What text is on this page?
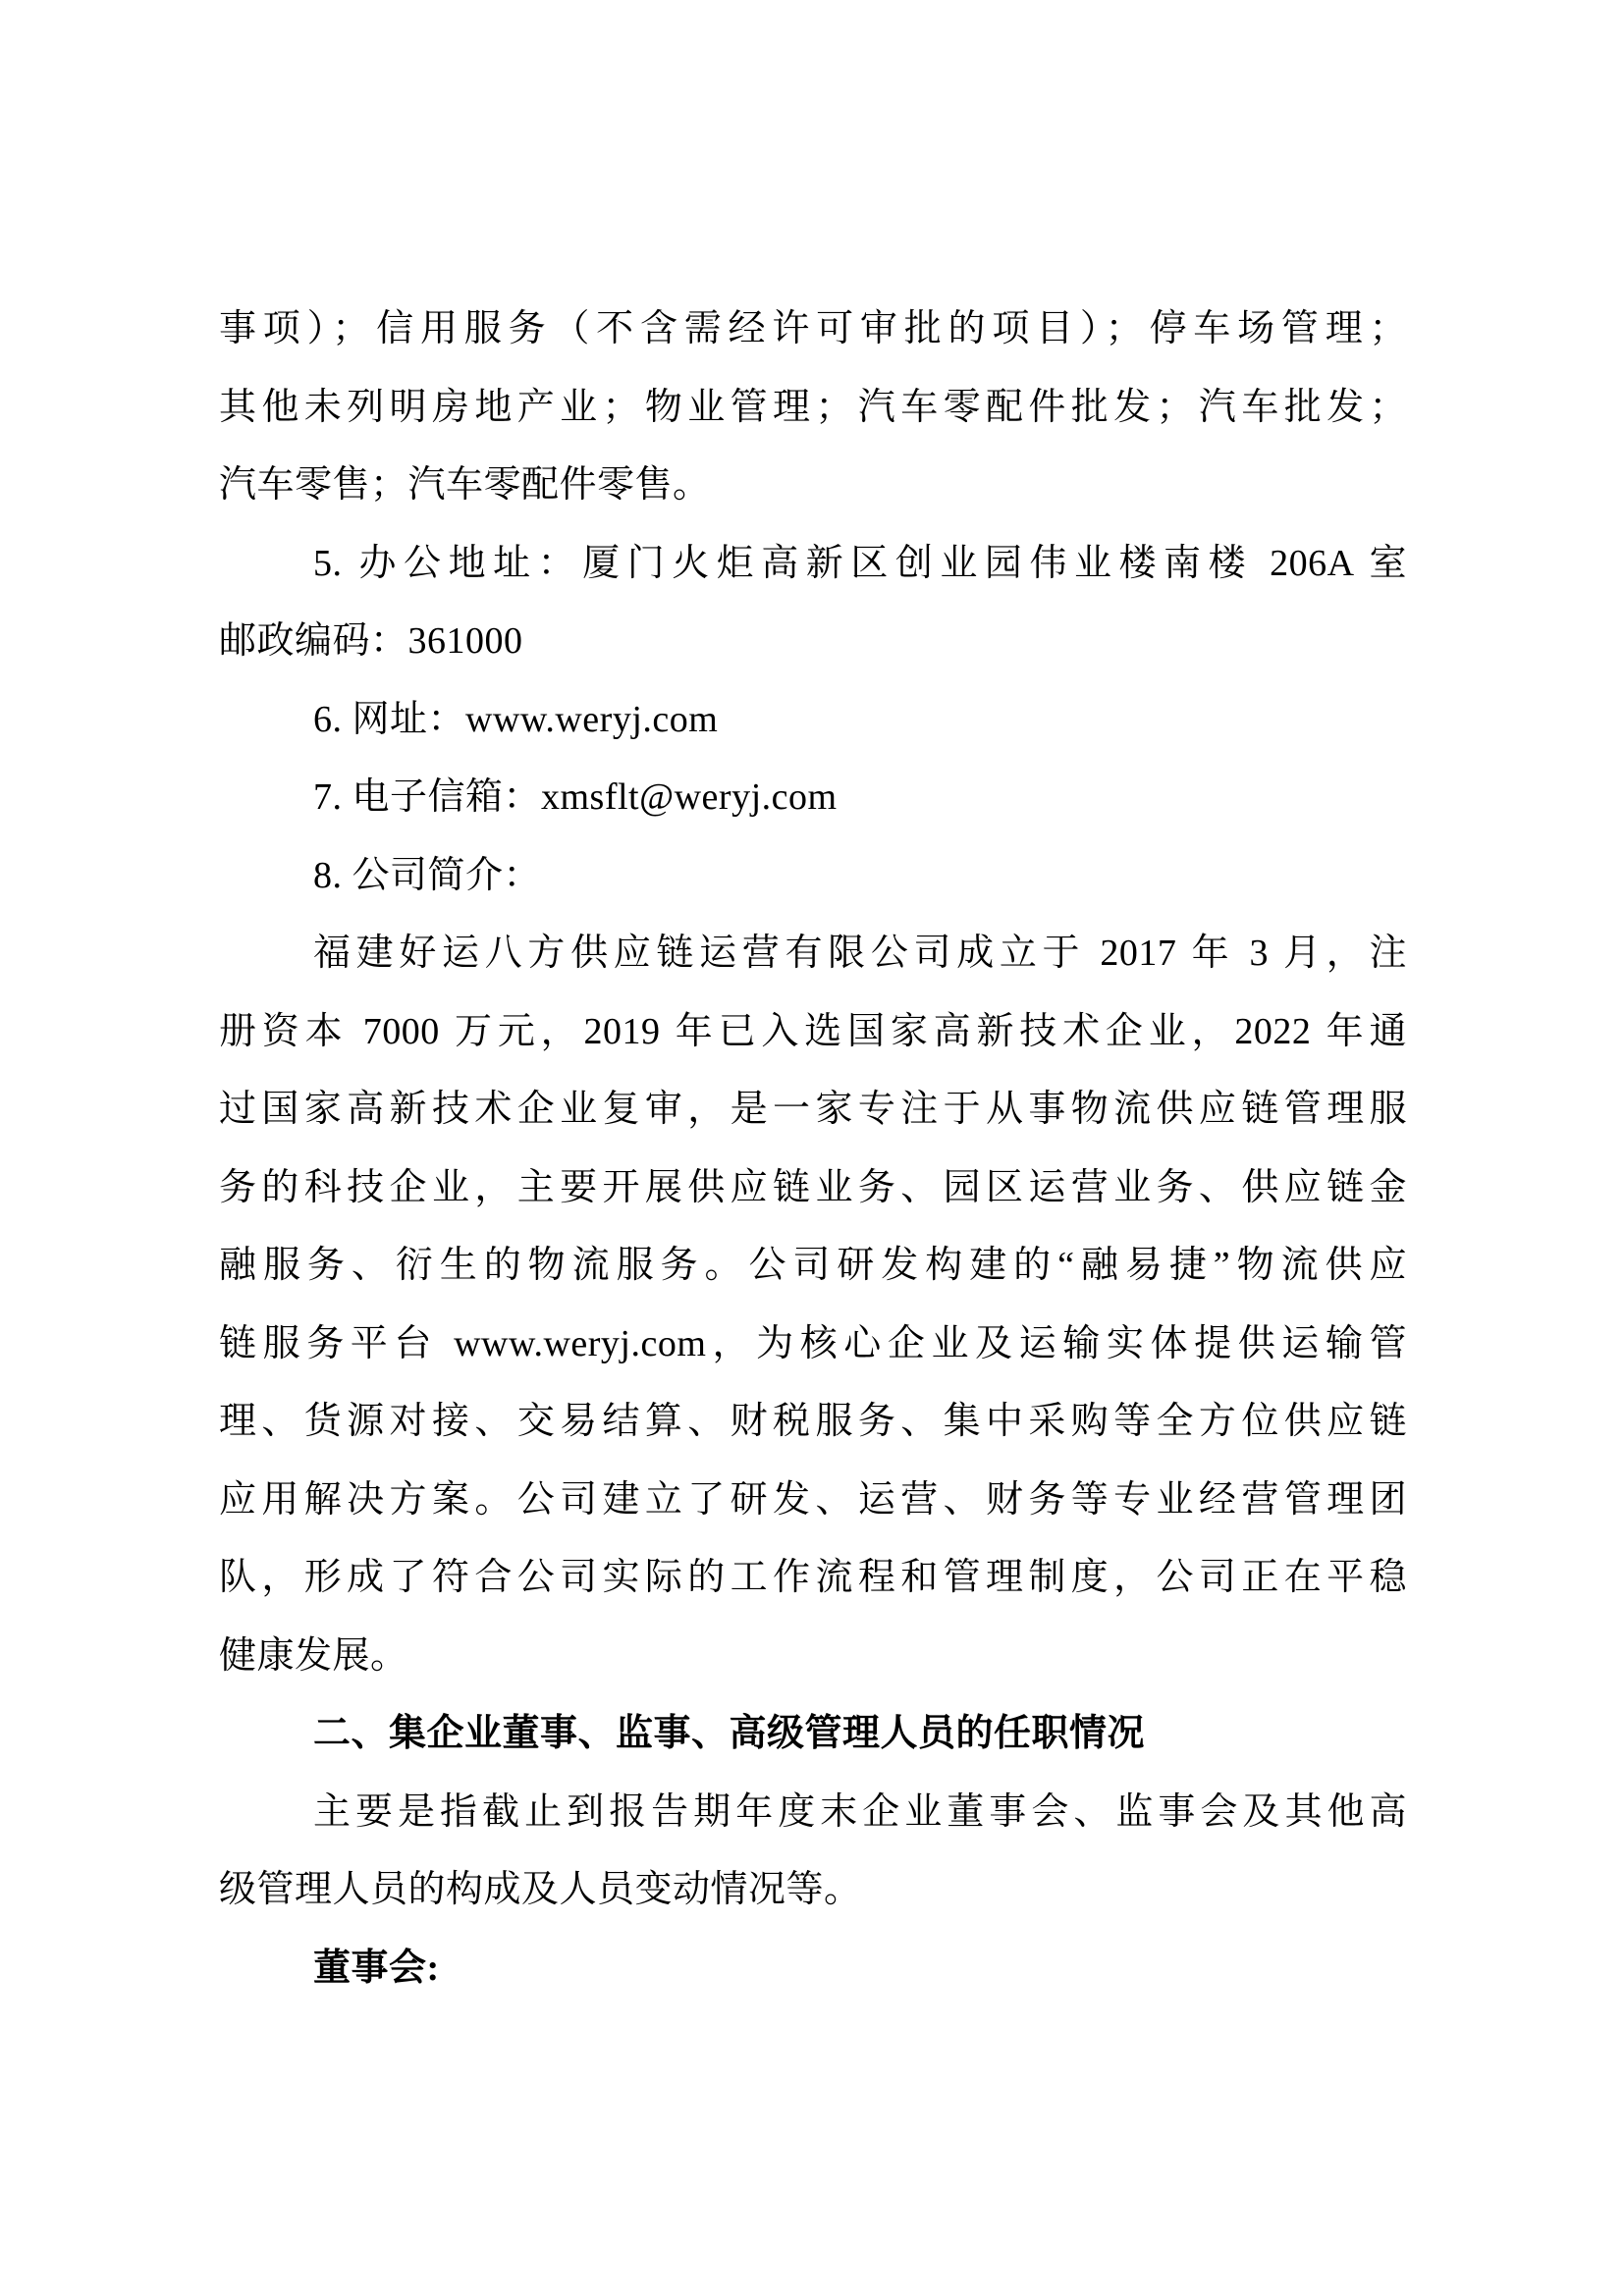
事项）；信用服务（不含需经许可审批的项目）；停车场管理；
其他未列明房地产业；物业管理；汽车零配件批发；汽车批发；
汽车零售；汽车零配件零售。
5. 办公地址：厦门火炬高新区创业园伟业楼南楼 206A 室
邮政编码：361000
6. 网址：www.weryj.com
7. 电子信箱：xmsflt@weryj.com
8. 公司简介：
福建好运八方供应链运营有限公司成立于 2017 年 3 月，注
册资本 7000 万元，2019 年已入选国家高新技术企业，2022 年通
过国家高新技术企业复审，是一家专注于从事物流供应链管理服
务的科技企业，主要开展供应链业务、园区运营业务、供应链金
融服务、衍生的物流服务。公司研发构建的“融易捷”物流供应
链服务平台 www.weryj.com，为核心企业及运输实体提供运输管
理、货源对接、交易结算、财税服务、集中采购等全方位供应链
应用解决方案。公司建立了研发、运营、财务等专业经营管理团
队，形成了符合公司实际的工作流程和管理制度，公司正在平稳
健康发展。
二、集企业董事、监事、高级管理人员的任职情况
主要是指截止到报告期年度末企业董事会、监事会及其他高
级管理人员的构成及人员变动情况等。
董事会:
